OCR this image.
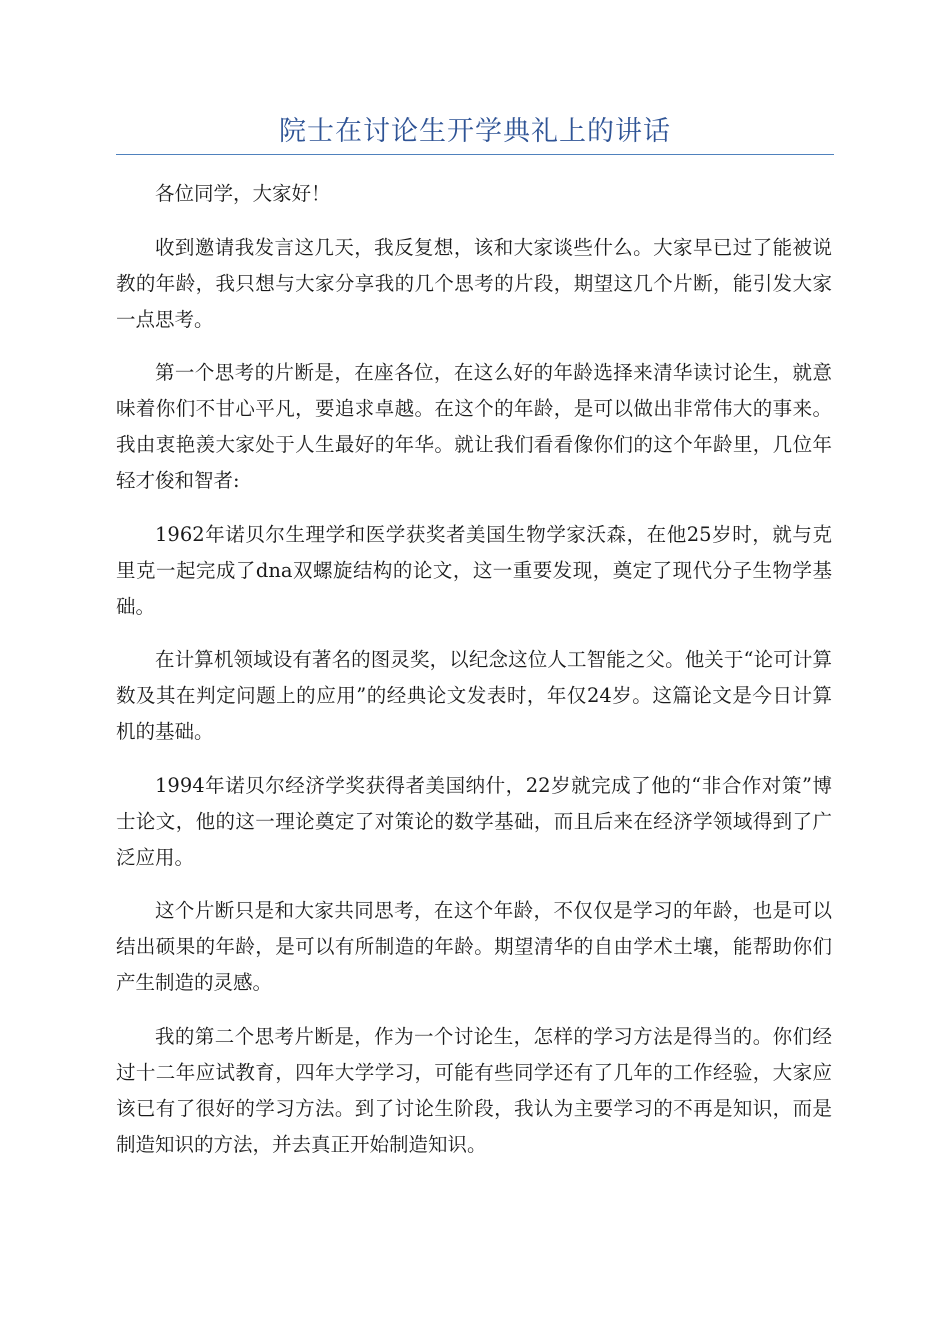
院士在讨论生开学典礼上的讲话

各位同学，大家好！

收到邀请我发言这几天，我反复想，该和大家谈些什么。大家早已过了能被说教的年龄，我只想与大家分享我的几个思考的片段，期望这几个片断，能引发大家一点思考。

第一个思考的片断是，在座各位，在这么好的年龄选择来清华读讨论生，就意味着你们不甘心平凡，要追求卓越。在这个的年龄，是可以做出非常伟大的事来。我由衷艳羡大家处于人生最好的年华。就让我们看看像你们的这个年龄里，几位年轻才俊和智者:

1962年诺贝尔生理学和医学获奖者美国生物学家沃森，在他25岁时，就与克里克一起完成了dna双螺旋结构的论文，这一重要发现，奠定了现代分子生物学基础。

在计算机领域设有著名的图灵奖，以纪念这位人工智能之父。他关于“论可计算数及其在判定问题上的应用”的经典论文发表时，年仅24岁。这篇论文是今日计算机的基础。

1994年诺贝尔经济学奖获得者美国纳什，22岁就完成了他的“非合作对策”博士论文，他的这一理论奠定了对策论的数学基础，而且后来在经济学领域得到了广泛应用。

这个片断只是和大家共同思考，在这个年龄，不仅仅是学习的年龄，也是可以结出硕果的年龄，是可以有所制造的年龄。期望清华的自由学术土壤，能帮助你们产生制造的灵感。

我的第二个思考片断是，作为一个讨论生，怎样的学习方法是得当的。你们经过十二年应试教育，四年大学学习，可能有些同学还有了几年的工作经验，大家应该已有了很好的学习方法。到了讨论生阶段，我认为主要学习的不再是知识，而是制造知识的方法，并去真正开始制造知识。
